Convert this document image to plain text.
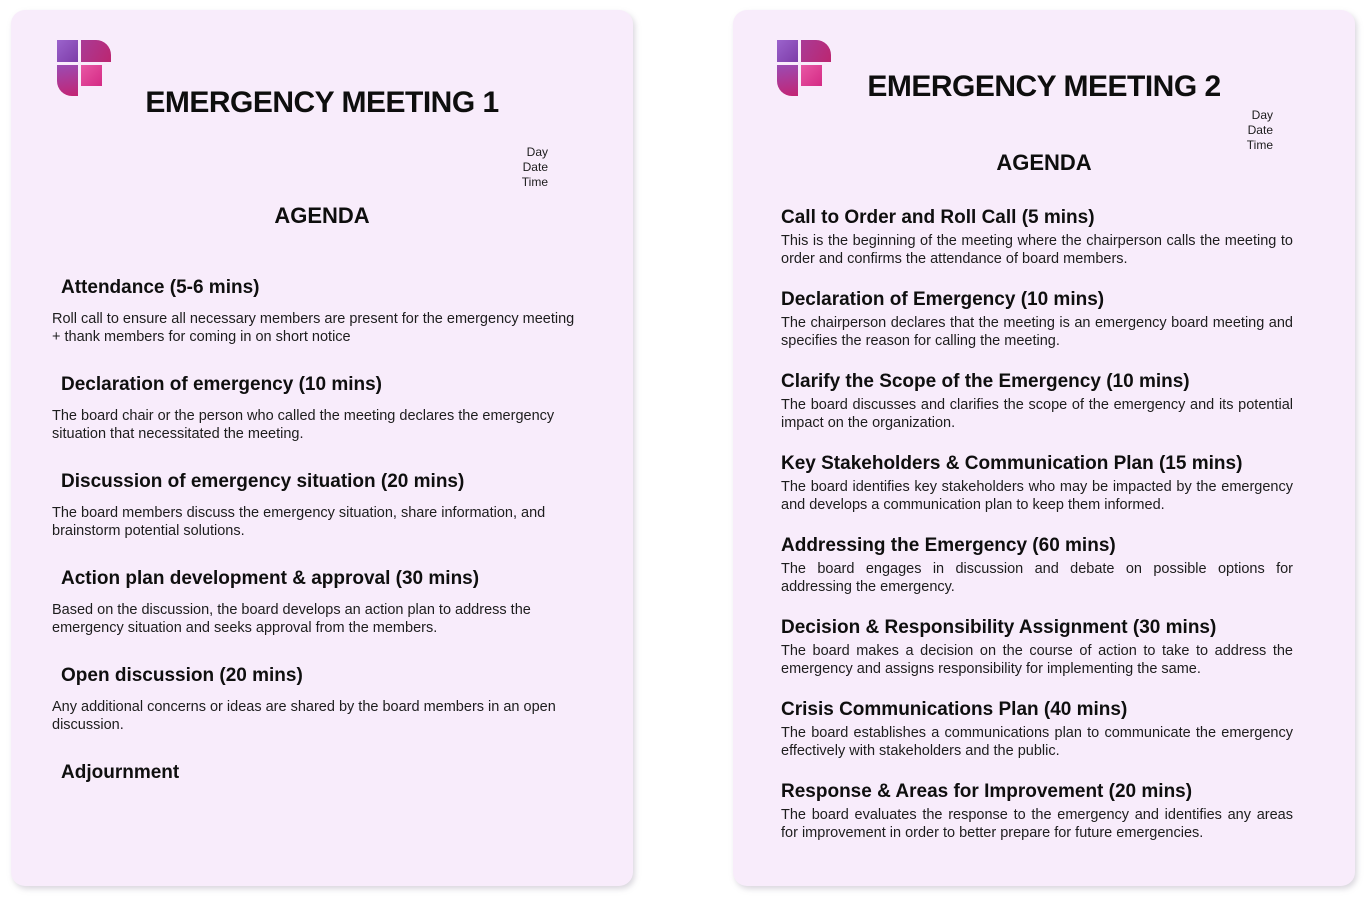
EMERGENCY MEETING 1
Day
Date
Time
AGENDA
Attendance (5-6 mins)
Roll call to ensure all necessary members are present for the emergency meeting + thank members for coming in on short notice
Declaration of emergency (10 mins)
The board chair or the person who called the meeting declares the emergency situation that necessitated the meeting.
Discussion of emergency situation (20 mins)
The board members discuss the emergency situation, share information, and brainstorm potential solutions.
Action plan development & approval (30 mins)
Based on the discussion, the board develops an action plan to address the emergency situation and seeks approval from the members.
Open discussion (20 mins)
Any additional concerns or ideas are shared by the board members in an open discussion.
Adjournment
EMERGENCY MEETING 2
Day
Date
Time
AGENDA
Call to Order and Roll Call (5 mins)
This is the beginning of the meeting where the chairperson calls the meeting to order and confirms the attendance of board members.
Declaration of Emergency (10 mins)
The chairperson declares that the meeting is an emergency board meeting and specifies the reason for calling the meeting.
Clarify the Scope of the Emergency (10 mins)
The board discusses and clarifies the scope of the emergency and its potential impact on the organization.
Key Stakeholders & Communication Plan (15 mins)
The board identifies key stakeholders who may be impacted by the emergency and develops a communication plan to keep them informed.
Addressing the Emergency (60 mins)
The board engages in discussion and debate on possible options for addressing the emergency.
Decision & Responsibility Assignment (30 mins)
The board makes a decision on the course of action to take to address the emergency and assigns responsibility for implementing the same.
Crisis Communications Plan (40 mins)
The board establishes a communications plan to communicate the emergency effectively with stakeholders and the public.
Response & Areas for Improvement (20 mins)
The board evaluates the response to the emergency and identifies any areas for improvement in order to better prepare for future emergencies.
